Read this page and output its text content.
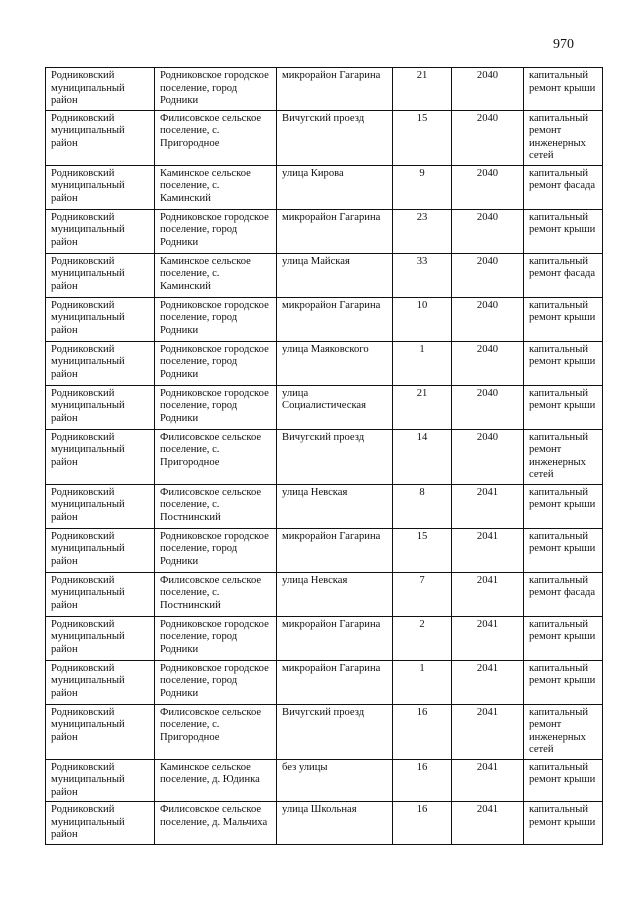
970
Родниковский муниципальный район	Родниковское городское поселение, город Родники	микрорайон Гагарина	21	2040	капитальный ремонт крыши
Родниковский муниципальный район	Филисовское сельское поселение, с. Пригородное	Вичугский проезд	15	2040	капитальный ремонт инженерных сетей
Родниковский муниципальный район	Каминское сельское поселение, с. Каминский	улица Кирова	9	2040	капитальный ремонт фасада
Родниковский муниципальный район	Родниковское городское поселение, город Родники	микрорайон Гагарина	23	2040	капитальный ремонт крыши
Родниковский муниципальный район	Каминское сельское поселение, с. Каминский	улица Майская	33	2040	капитальный ремонт фасада
Родниковский муниципальный район	Родниковское городское поселение, город Родники	микрорайон Гагарина	10	2040	капитальный ремонт крыши
Родниковский муниципальный район	Родниковское городское поселение, город Родники	улица Маяковского	1	2040	капитальный ремонт крыши
Родниковский муниципальный район	Родниковское городское поселение, город Родники	улица Социалистическая	21	2040	капитальный ремонт крыши
Родниковский муниципальный район	Филисовское сельское поселение, с. Пригородное	Вичугский проезд	14	2040	капитальный ремонт инженерных сетей
Родниковский муниципальный район	Филисовское сельское поселение, с. Постнинский	улица Невская	8	2041	капитальный ремонт крыши
Родниковский муниципальный район	Родниковское городское поселение, город Родники	микрорайон Гагарина	15	2041	капитальный ремонт крыши
Родниковский муниципальный район	Филисовское сельское поселение, с. Постнинский	улица Невская	7	2041	капитальный ремонт фасада
Родниковский муниципальный район	Родниковское городское поселение, город Родники	микрорайон Гагарина	2	2041	капитальный ремонт крыши
Родниковский муниципальный район	Родниковское городское поселение, город Родники	микрорайон Гагарина	1	2041	капитальный ремонт крыши
Родниковский муниципальный район	Филисовское сельское поселение, с. Пригородное	Вичугский проезд	16	2041	капитальный ремонт инженерных сетей
Родниковский муниципальный район	Каминское сельское поселение, д. Юдинка	без улицы	16	2041	капитальный ремонт крыши
Родниковский муниципальный район	Филисовское сельское поселение, д. Мальчиха	улица Школьная	16	2041	капитальный ремонт крыши
